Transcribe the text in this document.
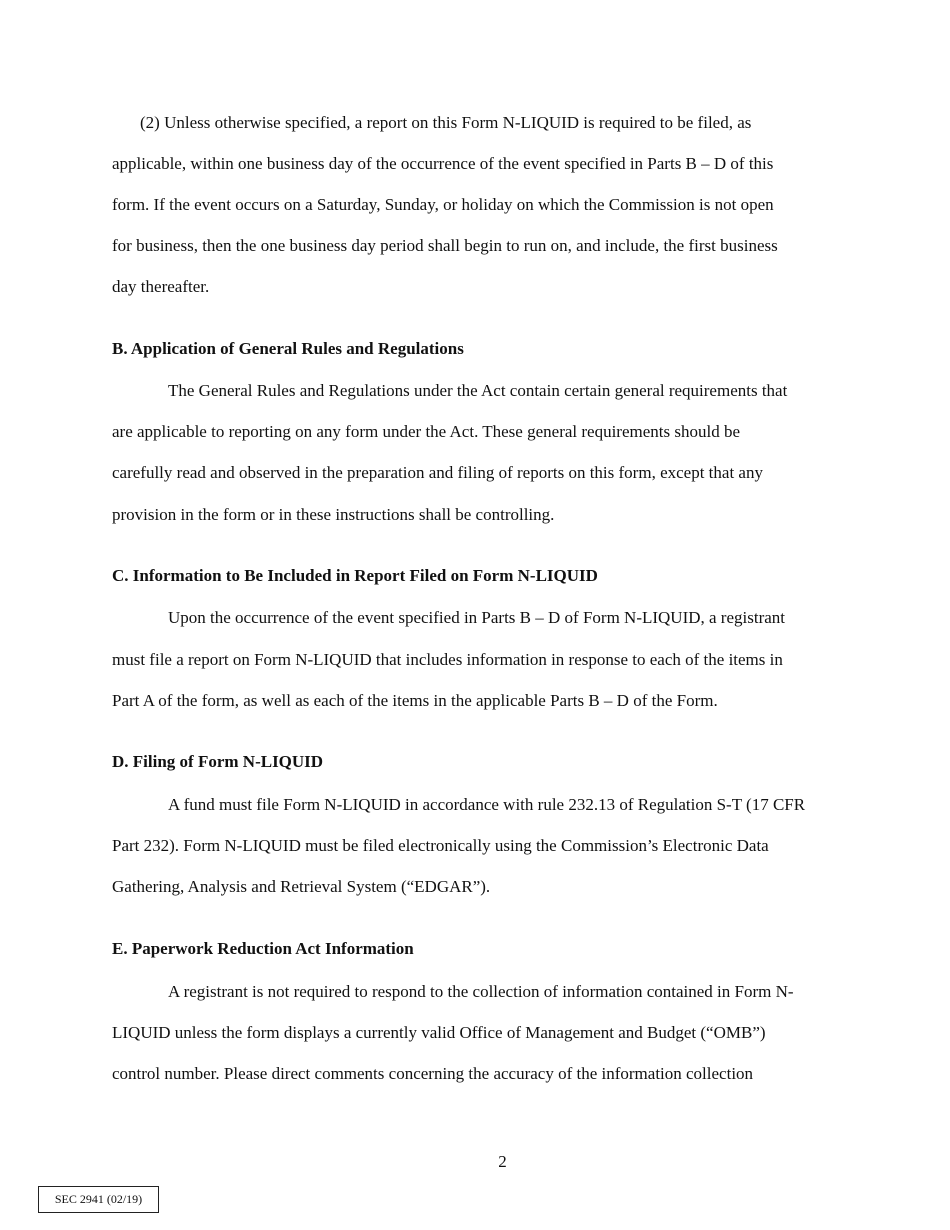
(2) Unless otherwise specified, a report on this Form N-LIQUID is required to be filed, as
applicable, within one business day of the occurrence of the event specified in Parts B – D of this
form. If the event occurs on a Saturday, Sunday, or holiday on which the Commission is not open
for business, then the one business day period shall begin to run on, and include, the first business
day thereafter.
B. Application of General Rules and Regulations
The General Rules and Regulations under the Act contain certain general requirements that
are applicable to reporting on any form under the Act. These general requirements should be
carefully read and observed in the preparation and filing of reports on this form, except that any
provision in the form or in these instructions shall be controlling.
C. Information to Be Included in Report Filed on Form N-LIQUID
Upon the occurrence of the event specified in Parts B – D of Form N-LIQUID, a registrant
must file a report on Form N-LIQUID that includes information in response to each of the items in
Part A of the form, as well as each of the items in the applicable Parts B – D of the Form.
D. Filing of Form N-LIQUID
A fund must file Form N-LIQUID in accordance with rule 232.13 of Regulation S-T (17 CFR
Part 232). Form N-LIQUID must be filed electronically using the Commission’s Electronic Data
Gathering, Analysis and Retrieval System (“EDGAR”).
E. Paperwork Reduction Act Information
A registrant is not required to respond to the collection of information contained in Form N-
LIQUID unless the form displays a currently valid Office of Management and Budget (“OMB”)
control number. Please direct comments concerning the accuracy of the information collection
2
SEC 2941 (02/19)
